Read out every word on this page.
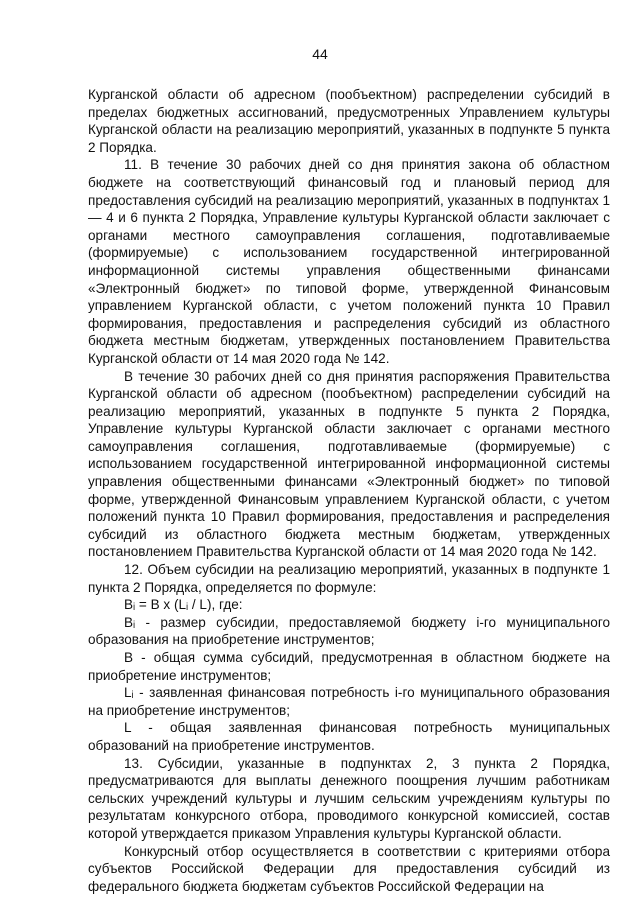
44

Курганской области об адресном (пообъектном) распределении субсидий в пределах бюджетных ассигнований, предусмотренных Управлением культуры Курганской области на реализацию мероприятий, указанных в подпункте 5 пункта 2 Порядка.

11. В течение 30 рабочих дней со дня принятия закона об областном бюджете на соответствующий финансовый год и плановый период для предоставления субсидий на реализацию мероприятий, указанных в подпунктах 1 — 4 и 6 пункта 2 Порядка, Управление культуры Курганской области заключает с органами местного самоуправления соглашения, подготавливаемые (формируемые) с использованием государственной интегрированной информационной системы управления общественными финансами «Электронный бюджет» по типовой форме, утвержденной Финансовым управлением Курганской области, с учетом положений пункта 10 Правил формирования, предоставления и распределения субсидий из областного бюджета местным бюджетам, утвержденных постановлением Правительства Курганской области от 14 мая 2020 года № 142.

В течение 30 рабочих дней со дня принятия распоряжения Правительства Курганской области об адресном (пообъектном) распределении субсидий на реализацию мероприятий, указанных в подпункте 5 пункта 2 Порядка, Управление культуры Курганской области заключает с органами местного самоуправления соглашения, подготавливаемые (формируемые) с использованием государственной интегрированной информационной системы управления общественными финансами «Электронный бюджет» по типовой форме, утвержденной Финансовым управлением Курганской области, с учетом положений пункта 10 Правил формирования, предоставления и распределения субсидий из областного бюджета местным бюджетам, утвержденных постановлением Правительства Курганской области от 14 мая 2020 года № 142.

12. Объем субсидии на реализацию мероприятий, указанных в подпункте 1 пункта 2 Порядка, определяется по формуле:

Bᵢ = B x (Lᵢ / L), где:

Bᵢ - размер субсидии, предоставляемой бюджету i-го муниципального образования на приобретение инструментов;

B - общая сумма субсидий, предусмотренная в областном бюджете на приобретение инструментов;

Lᵢ - заявленная финансовая потребность i-го муниципального образования на приобретение инструментов;

L - общая заявленная финансовая потребность муниципальных образований на приобретение инструментов.

13. Субсидии, указанные в подпунктах 2, 3 пункта 2 Порядка, предусматриваются для выплаты денежного поощрения лучшим работникам сельских учреждений культуры и лучшим сельским учреждениям культуры по результатам конкурсного отбора, проводимого конкурсной комиссией, состав которой утверждается приказом Управления культуры Курганской области.

Конкурсный отбор осуществляется в соответствии с критериями отбора субъектов Российской Федерации для предоставления субсидий из федерального бюджета бюджетам субъектов Российской Федерации на
